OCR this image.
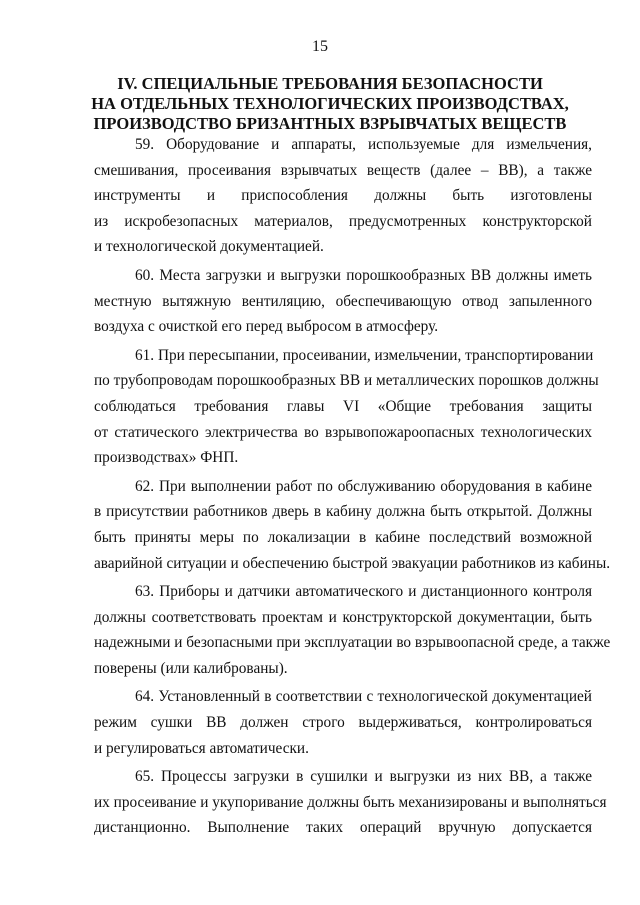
15
IV. СПЕЦИАЛЬНЫЕ ТРЕБОВАНИЯ БЕЗОПАСНОСТИ
НА ОТДЕЛЬНЫХ ТЕХНОЛОГИЧЕСКИХ ПРОИЗВОДСТВАХ,
ПРОИЗВОДСТВО БРИЗАНТНЫХ ВЗРЫВЧАТЫХ ВЕЩЕСТВ

59. Оборудование и аппараты, используемые для измельчения,
смешивания, просеивания взрывчатых веществ (далее – ВВ), а также
инструменты и приспособления должны быть изготовлены
из искробезопасных материалов, предусмотренных конструкторской
и технологической документацией.

60. Места загрузки и выгрузки порошкообразных ВВ должны иметь
местную вытяжную вентиляцию, обеспечивающую отвод запыленного
воздуха с очисткой его перед выбросом в атмосферу.

61. При пересыпании, просеивании, измельчении, транспортировании
по трубопроводам порошкообразных ВВ и металлических порошков должны
соблюдаться требования главы VI «Общие требования защиты
от статического электричества во взрывопожароопасных технологических
производствах» ФНП.

62. При выполнении работ по обслуживанию оборудования в кабине
в присутствии работников дверь в кабину должна быть открытой. Должны
быть приняты меры по локализации в кабине последствий возможной
аварийной ситуации и обеспечению быстрой эвакуации работников из кабины.

63. Приборы и датчики автоматического и дистанционного контроля
должны соответствовать проектам и конструкторской документации, быть
надежными и безопасными при эксплуатации во взрывоопасной среде, а также
поверены (или калиброваны).

64. Установленный в соответствии с технологической документацией
режим сушки ВВ должен строго выдерживаться, контролироваться
и регулироваться автоматически.

65. Процессы загрузки в сушилки и выгрузки из них ВВ, а также
их просеивание и укупоривание должны быть механизированы и выполняться
дистанционно. Выполнение таких операций вручную допускается
